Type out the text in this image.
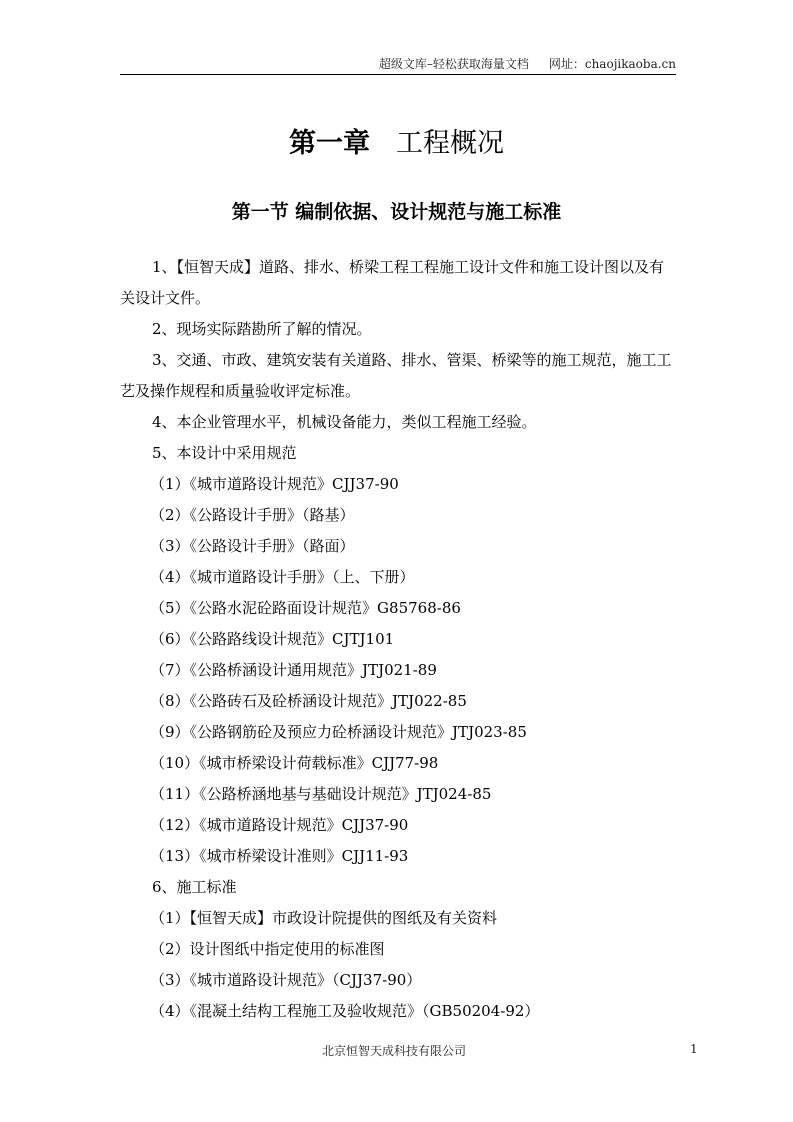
超级文库–轻松获取海量文档 网址：chaojikaoba.cn
第一章 工程概况
第一节 编制依据、设计规范与施工标准
1、【恒智天成】道路、排水、桥梁工程工程施工设计文件和施工设计图以及有
关设计文件。
2、现场实际踏勘所了解的情况。
3、交通、市政、建筑安装有关道路、排水、管渠、桥梁等的施工规范，施工工
艺及操作规程和质量验收评定标准。
4、本企业管理水平，机械设备能力，类似工程施工经验。
5、本设计中采用规范
（1）《城市道路设计规范》CJJ37-90
（2）《公路设计手册》（路基）
（3）《公路设计手册》（路面）
（4）《城市道路设计手册》（上、下册）
（5）《公路水泥砼路面设计规范》G85768-86
（6）《公路路线设计规范》CJTJ101
（7）《公路桥涵设计通用规范》JTJ021-89
（8）《公路砖石及砼桥涵设计规范》JTJ022-85
（9）《公路钢筋砼及预应力砼桥涵设计规范》JTJ023-85
（10）《城市桥梁设计荷载标准》CJJ77-98
（11）《公路桥涵地基与基础设计规范》JTJ024-85
（12）《城市道路设计规范》CJJ37-90
（13）《城市桥梁设计准则》CJJ11-93
6、施工标准
（1）【恒智天成】市政设计院提供的图纸及有关资料
（2）设计图纸中指定使用的标准图
（3）《城市道路设计规范》（CJJ37-90）
（4）《混凝土结构工程施工及验收规范》（GB50204-92）
北京恒智天成科技有限公司	1
